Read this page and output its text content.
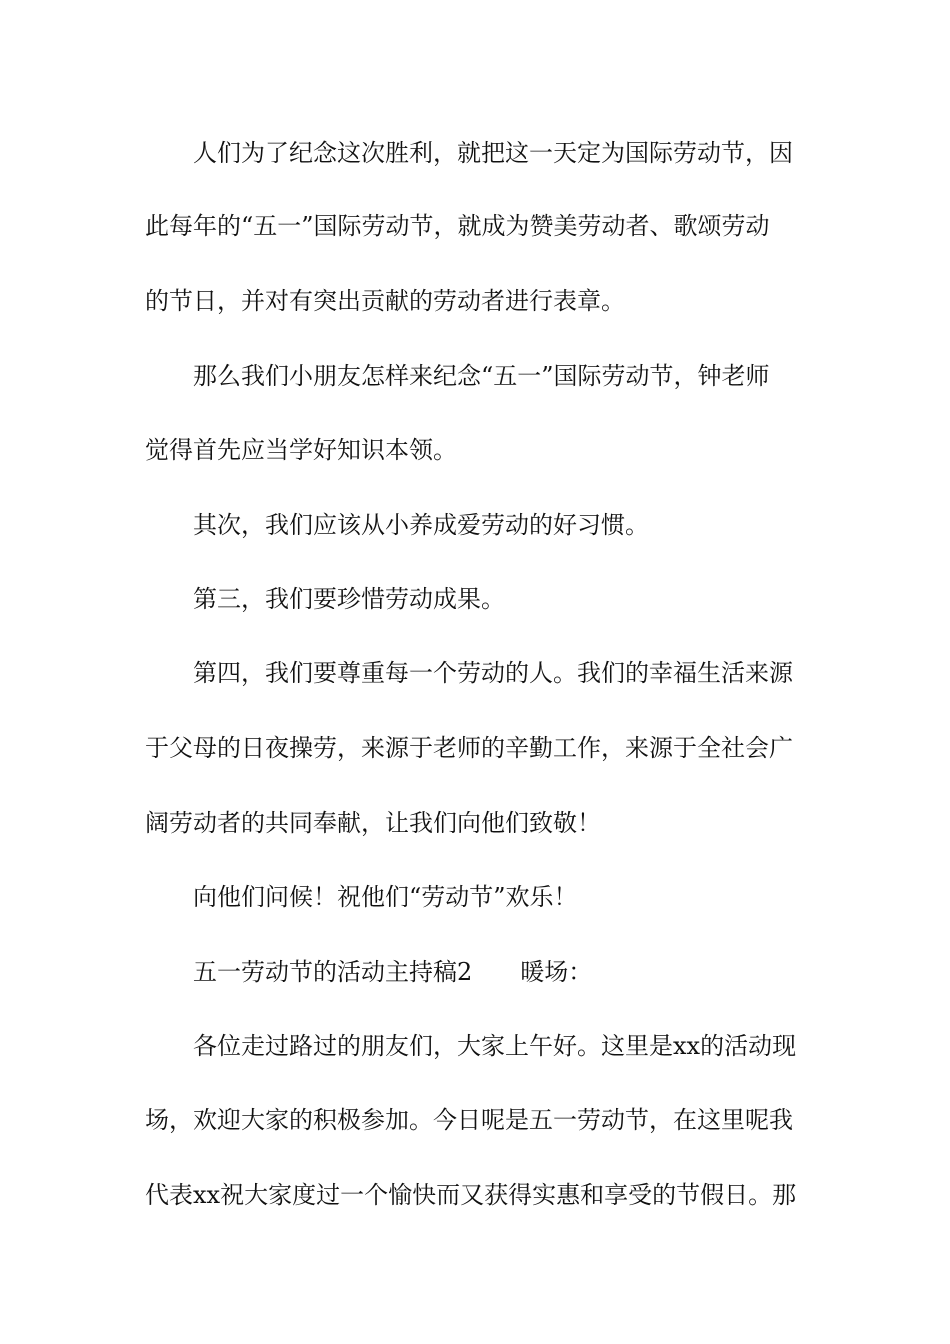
人们为了纪念这次胜利，就把这一天定为国际劳动节，因
此每年的“五一”国际劳动节，就成为赞美劳动者、歌颂劳动
的节日，并对有突出贡献的劳动者进行表章。
那么我们小朋友怎样来纪念“五一”国际劳动节，钟老师
觉得首先应当学好知识本领。
其次，我们应该从小养成爱劳动的好习惯。
第三，我们要珍惜劳动成果。
第四，我们要尊重每一个劳动的人。我们的幸福生活来源
于父母的日夜操劳，来源于老师的辛勤工作，来源于全社会广
阔劳动者的共同奉献，让我们向他们致敬！
向他们问候！祝他们“劳动节”欢乐！
五一劳动节的活动主持稿2　　暖场：
各位走过路过的朋友们，大家上午好。这里是xx的活动现
场，欢迎大家的积极参加。今日呢是五一劳动节，在这里呢我
代表xx祝大家度过一个愉快而又获得实惠和享受的节假日。那
